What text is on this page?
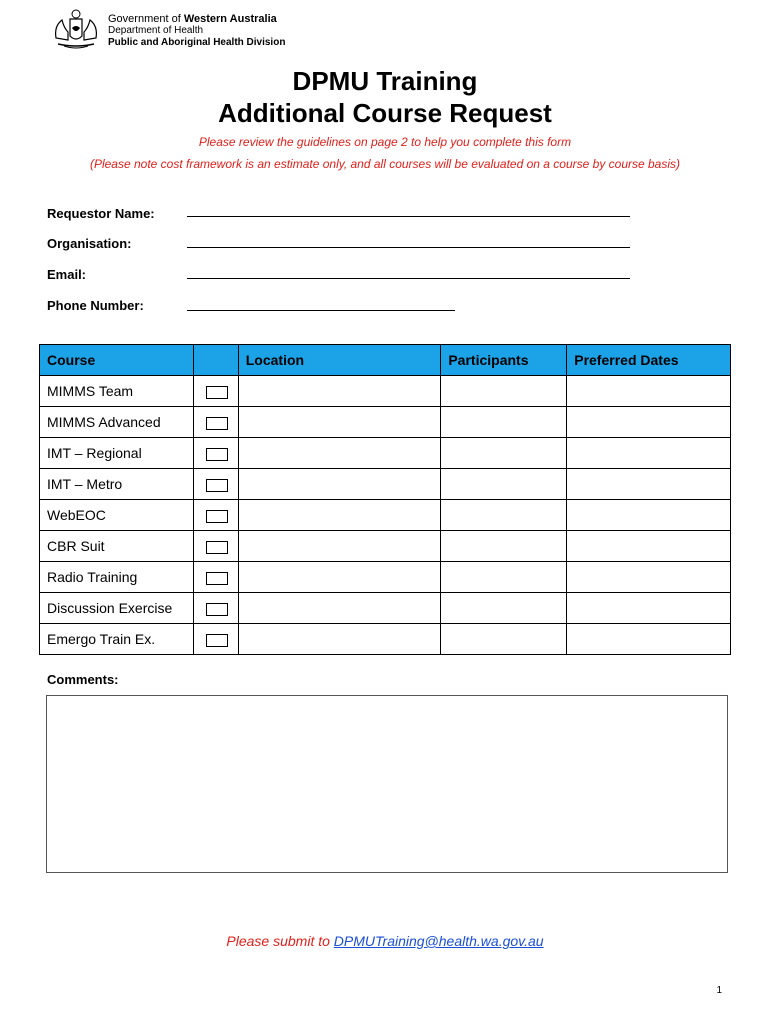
Government of Western Australia
Department of Health
Public and Aboriginal Health Division
DPMU Training
Additional Course Request
Please review the guidelines on page 2 to help you complete this form
(Please note cost framework is an estimate only, and all courses will be evaluated on a course by course basis)
Requestor Name:
Organisation:
Email:
Phone Number:
Course		Location	Participants	Preferred Dates
MIMMS Team				
MIMMS Advanced				
IMT – Regional				
IMT – Metro				
WebEOC				
CBR Suit				
Radio Training				
Discussion Exercise				
Emergo Train Ex.				
Comments:
Please submit to DPMUTraining@health.wa.gov.au
1
